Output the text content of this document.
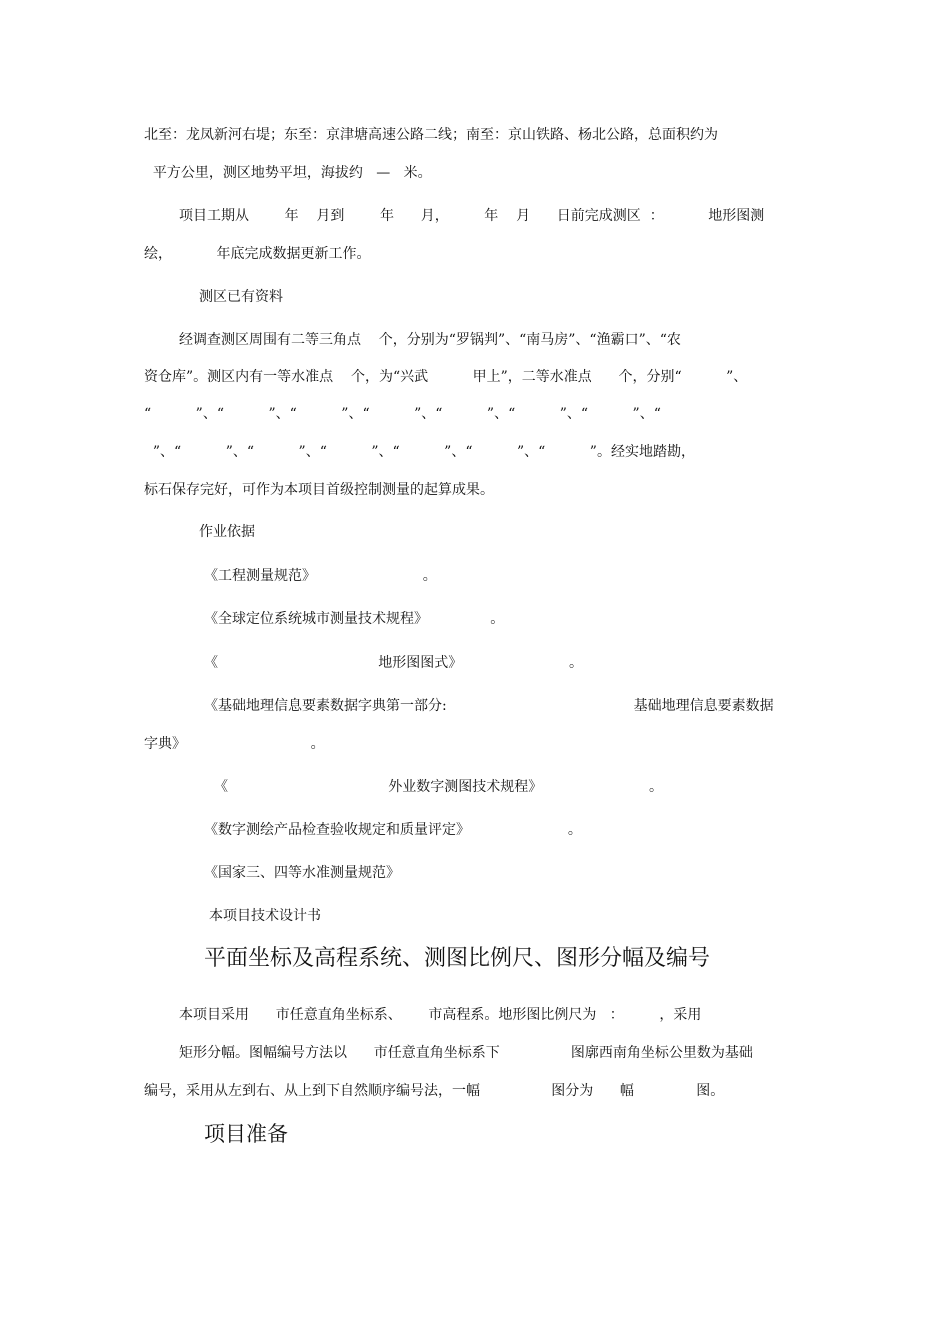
北至：龙凤新河右堤；东至：京津塘高速公路二线；南至：京山铁路、杨北公路，总面积约为
平方公里，测区地势平坦，海拔约   —   米。
项目工期从        年    月到        年      月，        年    月      日前完成测区  ：          地形图测
绘，          年底完成数据更新工作。
测区已有资料
经调查测区周围有二等三角点    个，分别为“罗锅判”、“南马房”、“渔霸口”、“农
资仓库”。测区内有一等水准点    个，为“兴武          甲上”，二等水准点      个，分别“          ”、
“          ”、“          ”、“          ”、“          ”、“          ”、“          ”、“          ”、“
”、“          ”、“          ”、“          ”、“          ”、“          ”、“          ”。经实地踏勘，
标石保存完好，可作为本项目首级控制测量的起算成果。
作业依据
《工程测量规范》                        。
《全球定位系统城市测量技术规程》              。
《                                    地形图图式》                        。
《基础地理信息要素数据字典第一部分:                                          基础地理信息要素数据
字典》                            。
《                                    外业数字测图技术规程》                        。
《数字测绘产品检查验收规定和质量评定》                      。
《国家三、四等水准测量规范》
本项目技术设计书
平面坐标及高程系统、测图比例尺、图形分幅及编号
本项目采用      市任意直角坐标系、      市高程系。地形图比例尺为   ：        ，采用
矩形分幅。图幅编号方法以      市任意直角坐标系下                图廓西南角坐标公里数为基础
编号，采用从左到右、从上到下自然顺序编号法，一幅                图分为      幅              图。
项目准备
